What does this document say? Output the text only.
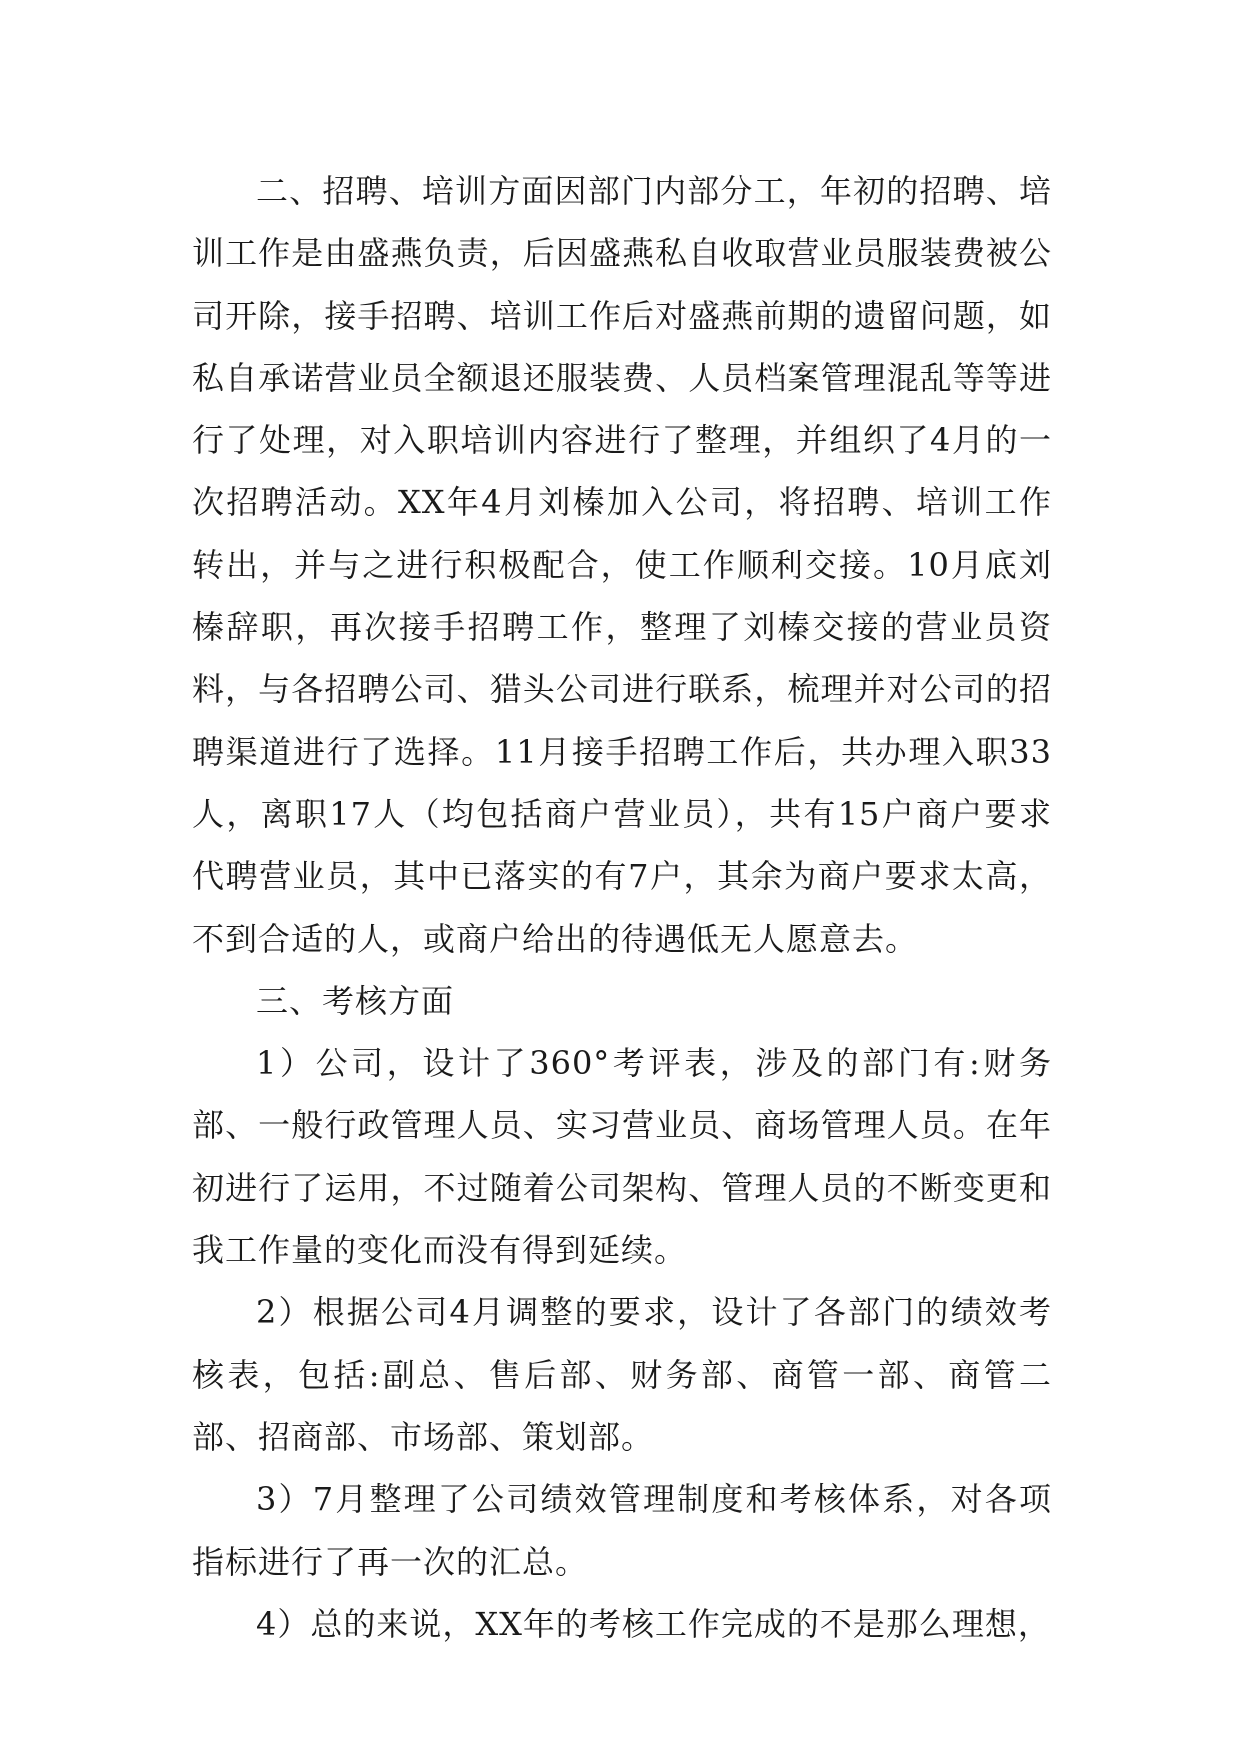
二、招聘、培训方面因部门内部分工，年初的招聘、培训工作是由盛燕负责，后因盛燕私自收取营业员服装费被公司开除，接手招聘、培训工作后对盛燕前期的遗留问题，如私自承诺营业员全额退还服装费、人员档案管理混乱等等进行了处理，对入职培训内容进行了整理，并组织了4月的一次招聘活动。XX年4月刘榛加入公司，将招聘、培训工作转出，并与之进行积极配合，使工作顺利交接。10月底刘榛辞职，再次接手招聘工作，整理了刘榛交接的营业员资料，与各招聘公司、猎头公司进行联系，梳理并对公司的招聘渠道进行了选择。11月接手招聘工作后，共办理入职33人，离职17人（均包括商户营业员），共有15户商户要求代聘营业员，其中已落实的有7户，其余为商户要求太高，不到合适的人，或商户给出的待遇低无人愿意去。

三、考核方面

1）公司，设计了360°考评表，涉及的部门有:财务部、一般行政管理人员、实习营业员、商场管理人员。在年初进行了运用，不过随着公司架构、管理人员的不断变更和我工作量的变化而没有得到延续。

2）根据公司4月调整的要求，设计了各部门的绩效考核表，包括:副总、售后部、财务部、商管一部、商管二部、招商部、市场部、策划部。

3）7月整理了公司绩效管理制度和考核体系，对各项指标进行了再一次的汇总。

4）总的来说，XX年的考核工作完成的不是那么理想，
